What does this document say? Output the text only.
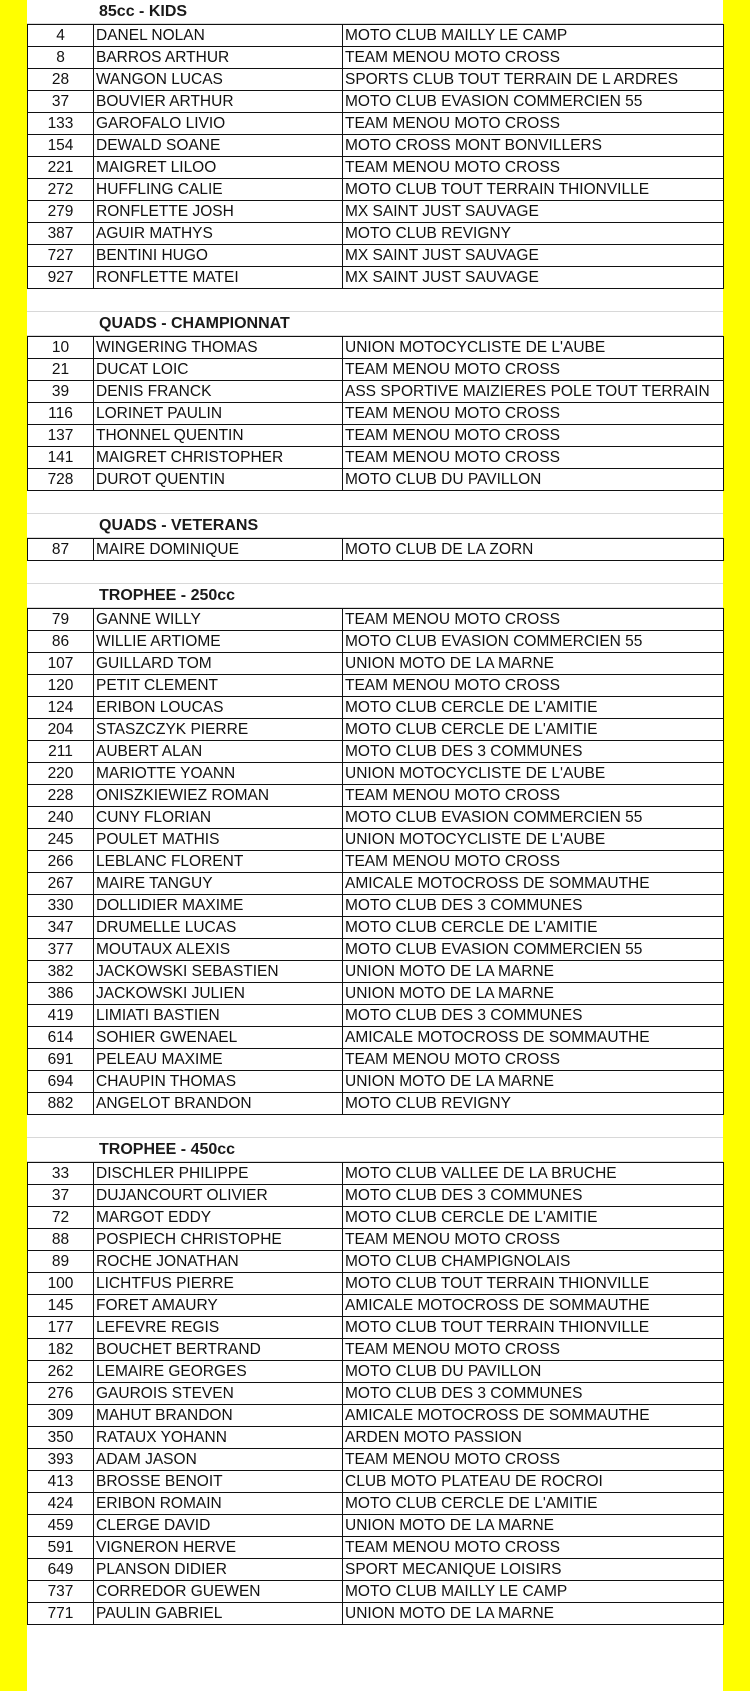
85cc - KIDS
4	DANEL NOLAN	MOTO CLUB MAILLY LE CAMP
8	BARROS ARTHUR	TEAM MENOU MOTO CROSS
28	WANGON LUCAS	SPORTS CLUB TOUT TERRAIN DE L ARDRES
37	BOUVIER ARTHUR	MOTO CLUB EVASION COMMERCIEN 55
133	GAROFALO LIVIO	TEAM MENOU MOTO CROSS
154	DEWALD SOANE	MOTO CROSS MONT BONVILLERS
221	MAIGRET LILOO	TEAM MENOU MOTO CROSS
272	HUFFLING CALIE	MOTO CLUB TOUT TERRAIN THIONVILLE
279	RONFLETTE JOSH	MX SAINT JUST SAUVAGE
387	AGUIR MATHYS	MOTO CLUB REVIGNY
727	BENTINI HUGO	MX SAINT JUST SAUVAGE
927	RONFLETTE MATEI	MX SAINT JUST SAUVAGE
QUADS - CHAMPIONNAT
10	WINGERING THOMAS	UNION MOTOCYCLISTE DE L'AUBE
21	DUCAT LOIC	TEAM MENOU MOTO CROSS
39	DENIS FRANCK	ASS SPORTIVE MAIZIERES POLE TOUT TERRAIN
116	LORINET PAULIN	TEAM MENOU MOTO CROSS
137	THONNEL QUENTIN	TEAM MENOU MOTO CROSS
141	MAIGRET CHRISTOPHER	TEAM MENOU MOTO CROSS
728	DUROT QUENTIN	MOTO CLUB DU PAVILLON
QUADS - VETERANS
87	MAIRE DOMINIQUE	MOTO CLUB DE LA ZORN
TROPHEE - 250cc
79	GANNE WILLY	TEAM MENOU MOTO CROSS
86	WILLIE ARTIOME	MOTO CLUB EVASION COMMERCIEN 55
107	GUILLARD TOM	UNION MOTO DE LA MARNE
120	PETIT CLEMENT	TEAM MENOU MOTO CROSS
124	ERIBON LOUCAS	MOTO CLUB CERCLE DE L'AMITIE
204	STASZCZYK PIERRE	MOTO CLUB CERCLE DE L'AMITIE
211	AUBERT ALAN	MOTO CLUB DES 3 COMMUNES
220	MARIOTTE YOANN	UNION MOTOCYCLISTE DE L'AUBE
228	ONISZKIEWIEZ ROMAN	TEAM MENOU MOTO CROSS
240	CUNY FLORIAN	MOTO CLUB EVASION COMMERCIEN 55
245	POULET MATHIS	UNION MOTOCYCLISTE DE L'AUBE
266	LEBLANC FLORENT	TEAM MENOU MOTO CROSS
267	MAIRE TANGUY	AMICALE MOTOCROSS DE SOMMAUTHE
330	DOLLIDIER MAXIME	MOTO CLUB DES 3 COMMUNES
347	DRUMELLE LUCAS	MOTO CLUB CERCLE DE L'AMITIE
377	MOUTAUX ALEXIS	MOTO CLUB EVASION COMMERCIEN 55
382	JACKOWSKI SEBASTIEN	UNION MOTO DE LA MARNE
386	JACKOWSKI JULIEN	UNION MOTO DE LA MARNE
419	LIMIATI BASTIEN	MOTO CLUB DES 3 COMMUNES
614	SOHIER GWENAEL	AMICALE MOTOCROSS DE SOMMAUTHE
691	PELEAU MAXIME	TEAM MENOU MOTO CROSS
694	CHAUPIN THOMAS	UNION MOTO DE LA MARNE
882	ANGELOT BRANDON	MOTO CLUB REVIGNY
TROPHEE - 450cc
33	DISCHLER PHILIPPE	MOTO CLUB VALLEE DE LA BRUCHE
37	DUJANCOURT OLIVIER	MOTO CLUB DES 3 COMMUNES
72	MARGOT EDDY	MOTO CLUB CERCLE DE L'AMITIE
88	POSPIECH CHRISTOPHE	TEAM MENOU MOTO CROSS
89	ROCHE JONATHAN	MOTO CLUB CHAMPIGNOLAIS
100	LICHTFUS PIERRE	MOTO CLUB TOUT TERRAIN THIONVILLE
145	FORET AMAURY	AMICALE MOTOCROSS DE SOMMAUTHE
177	LEFEVRE REGIS	MOTO CLUB TOUT TERRAIN THIONVILLE
182	BOUCHET BERTRAND	TEAM MENOU MOTO CROSS
262	LEMAIRE GEORGES	MOTO CLUB DU PAVILLON
276	GAUROIS STEVEN	MOTO CLUB DES 3 COMMUNES
309	MAHUT BRANDON	AMICALE MOTOCROSS DE SOMMAUTHE
350	RATAUX YOHANN	ARDEN MOTO PASSION
393	ADAM JASON	TEAM MENOU MOTO CROSS
413	BROSSE BENOIT	CLUB MOTO PLATEAU DE ROCROI
424	ERIBON ROMAIN	MOTO CLUB CERCLE DE L'AMITIE
459	CLERGE DAVID	UNION MOTO DE LA MARNE
591	VIGNERON HERVE	TEAM MENOU MOTO CROSS
649	PLANSON DIDIER	SPORT MECANIQUE LOISIRS
737	CORREDOR GUEWEN	MOTO CLUB MAILLY LE CAMP
771	PAULIN GABRIEL	UNION MOTO DE LA MARNE
